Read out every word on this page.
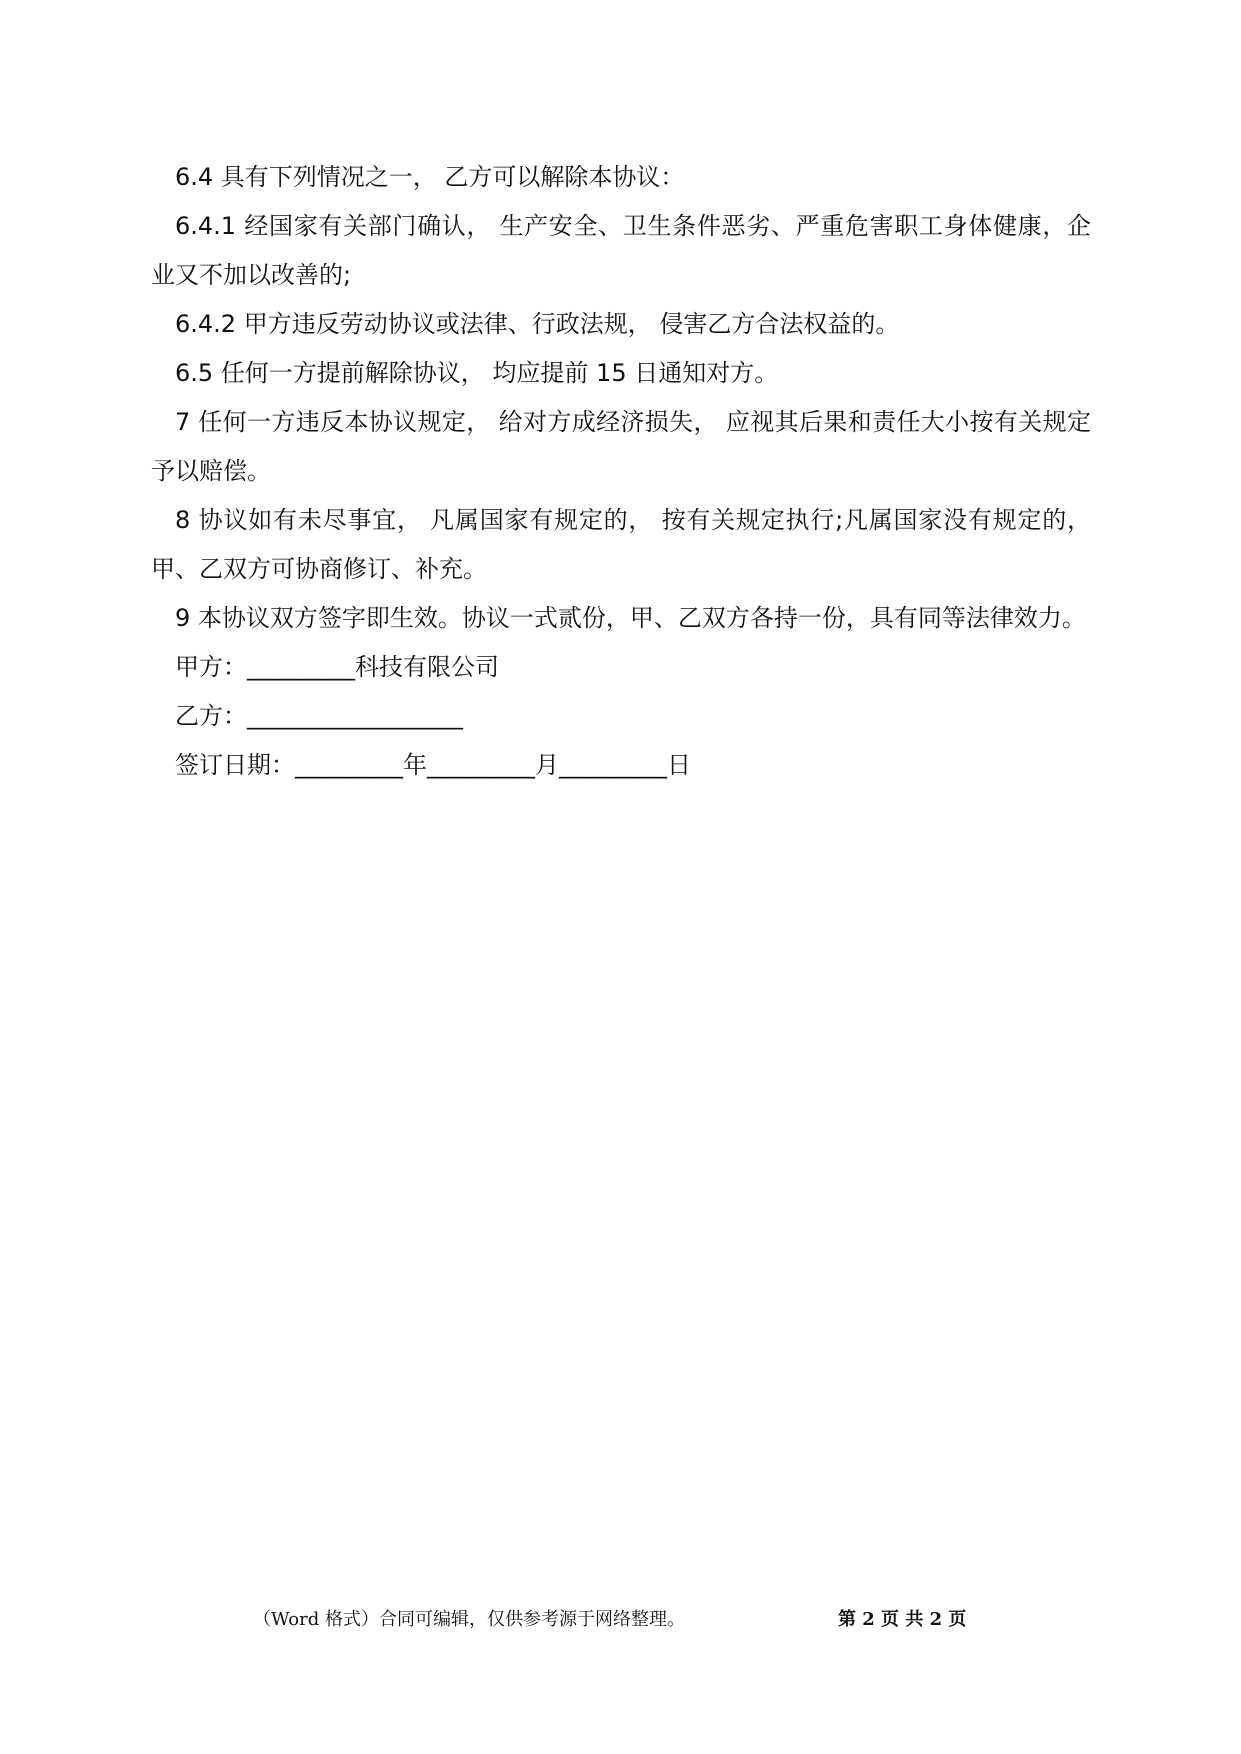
6.4 具有下列情况之一， 乙方可以解除本协议：

6.4.1 经国家有关部门确认， 生产安全、卫生条件恶劣、严重危害职工身体健康，企业又不加以改善的;

6.4.2 甲方违反劳动协议或法律、行政法规， 侵害乙方合法权益的。

6.5 任何一方提前解除协议， 均应提前 15 日通知对方。

7 任何一方违反本协议规定， 给对方成经济损失， 应视其后果和责任大小按有关规定予以赔偿。

8 协议如有未尽事宜， 凡属国家有规定的， 按有关规定执行;凡属国家没有规定的，甲、乙双方可协商修订、补充。

9 本协议双方签字即生效。协议一式贰份，甲、乙双方各持一份，具有同等法律效力。

甲方：_________科技有限公司

乙方：__________________

签订日期：_________年_________月_________日

（Word 格式）合同可编辑，仅供参考源于网络整理。	第 2 页 共 2 页
